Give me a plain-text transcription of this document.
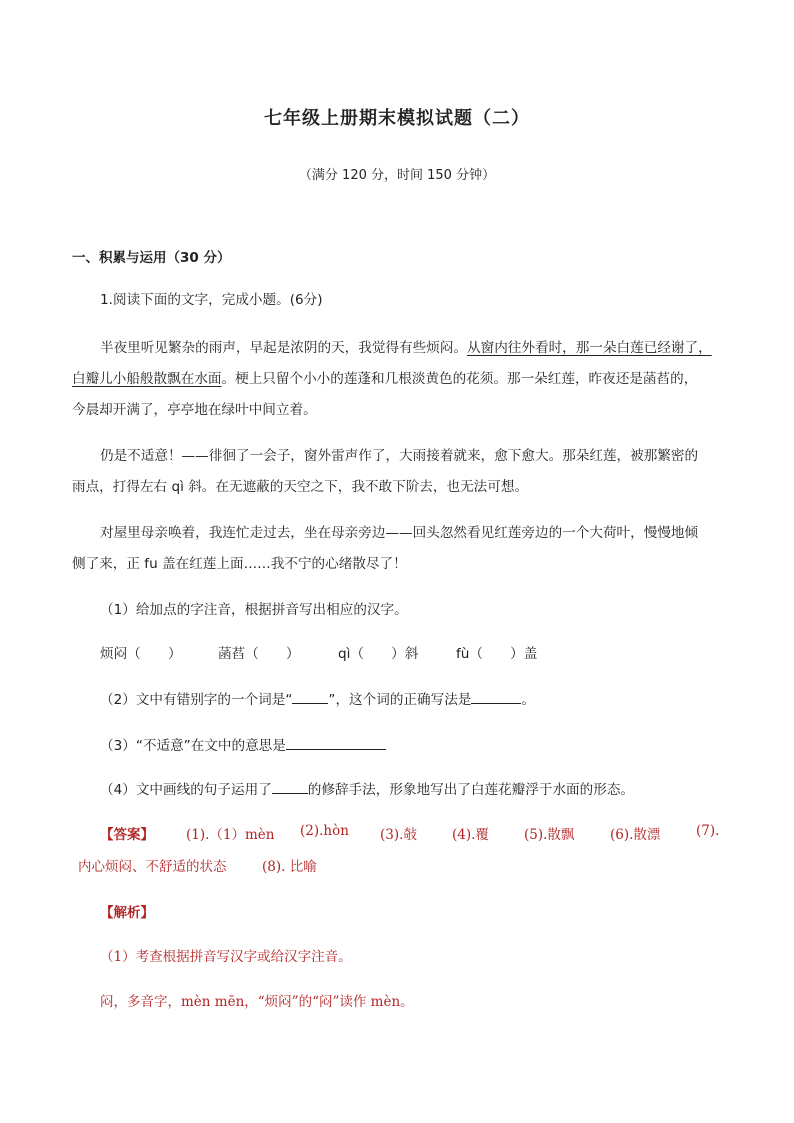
七年级上册期末模拟试题（二）
（满分 120 分，时间 150 分钟）
一、积累与运用（30 分）
1.阅读下面的文字，完成小题。(6分)
半夜里听见繁杂的雨声，早起是浓阴的天，我觉得有些烦闷。从窗内往外看时，那一朵白莲已经谢了，
白瓣儿小船般散飘在水面。梗上只留个小小的莲蓬和几根淡黄色的花须。那一朵红莲，昨夜还是菡萏的，
今晨却开满了，亭亭地在绿叶中间立着。
仍是不适意！——徘徊了一会子，窗外雷声作了，大雨接着就来，愈下愈大。那朵红莲，被那繁密的
雨点，打得左右 qì 斜。在无遮蔽的天空之下，我不敢下阶去，也无法可想。
对屋里母亲唤着，我连忙走过去，坐在母亲旁边——回头忽然看见红莲旁边的一个大荷叶，慢慢地倾
侧了来，正 fu 盖在红莲上面……我不宁的心绪散尽了！
（1）给加点的字注音，根据拼音写出相应的汉字。
烦闷（　　）	菡萏（　　）	qì（　　）斜	fù（　　）盖
（2）文中有错别字的一个词是“	”，这个词的正确写法是	。
（3）“不适意”在文中的意思是
（4）文中画线的句子运用了	的修辞手法，形象地写出了白莲花瓣浮于水面的形态。
【答案】 (1).（1）mèn (2).hòn (3).敧	(4).覆	(5).散飘	(6).散漂	(7).
内心烦闷、不舒适的状态	(8). 比喻
【解析】
（1）考查根据拼音写汉字或给汉字注音。
闷，多音字，mèn mēn，“烦闷”的“闷”读作 mèn。
